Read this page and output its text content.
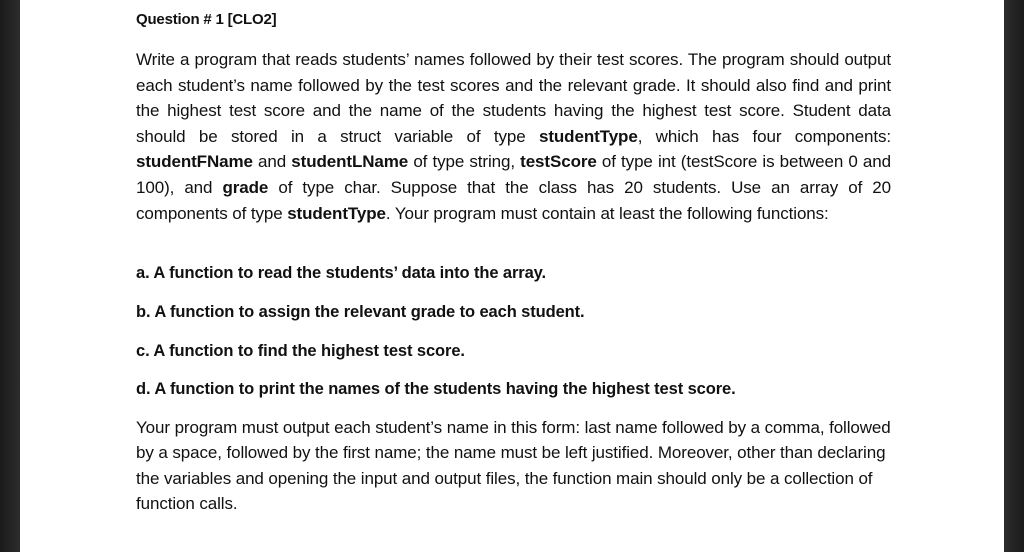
Question # 1 [CLO2]
Write a program that reads students’ names followed by their test scores. The program should output each student’s name followed by the test scores and the relevant grade. It should also find and print the highest test score and the name of the students having the highest test score. Student data should be stored in a struct variable of type studentType, which has four components: studentFName and studentLName of type string, testScore of type int (testScore is between 0 and 100), and grade of type char. Suppose that the class has 20 students. Use an array of 20 components of type studentType. Your program must contain at least the following functions:
a. A function to read the students’ data into the array.
b. A function to assign the relevant grade to each student.
c. A function to find the highest test score.
d. A function to print the names of the students having the highest test score.
Your program must output each student’s name in this form: last name followed by a comma, followed by a space, followed by the first name; the name must be left justified. Moreover, other than declaring the variables and opening the input and output files, the function main should only be a collection of function calls.
